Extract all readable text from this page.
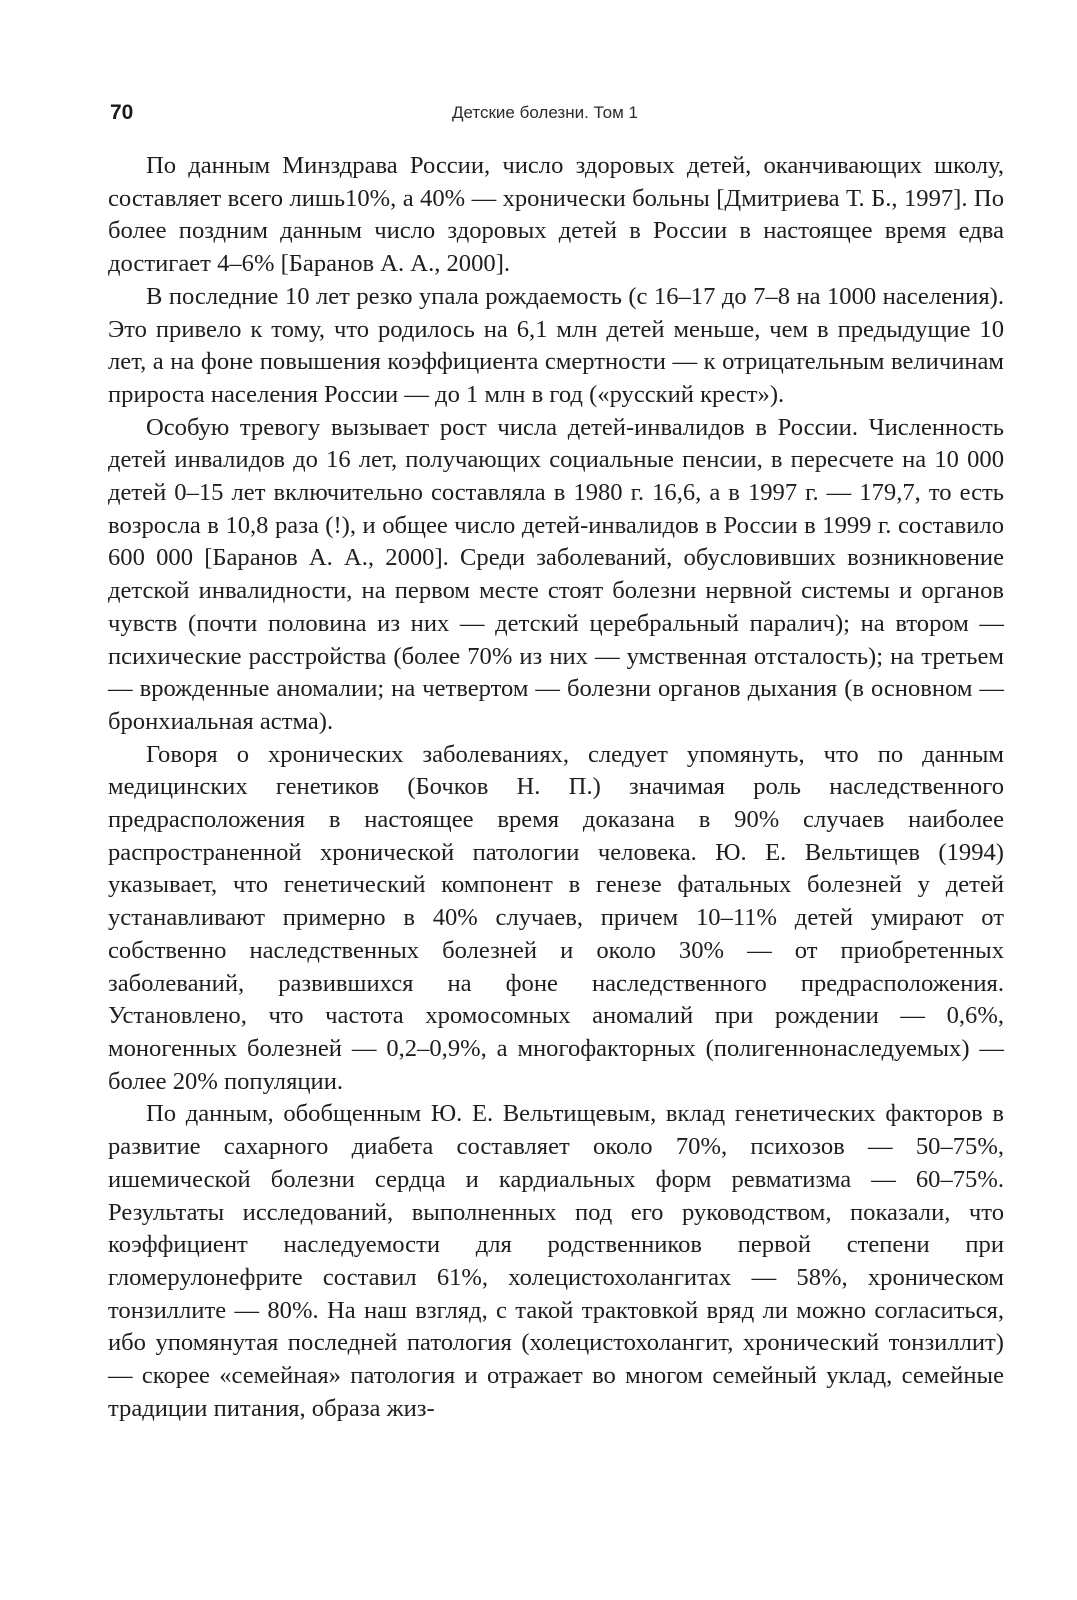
70	Детские болезни. Том 1

По данным Минздрава России, число здоровых детей, оканчивающих школу, составляет всего лишь10%, а 40% — хронически больны [Дмитриева Т. Б., 1997]. По более поздним данным число здоровых детей в России в настоящее время едва достигает 4–6% [Баранов А. А., 2000].

В последние 10 лет резко упала рождаемость (с 16–17 до 7–8 на 1000 населения). Это привело к тому, что родилось на 6,1 млн детей меньше, чем в предыдущие 10 лет, а на фоне повышения коэффициента смертности — к отрицательным величинам прироста населения России — до 1 млн в год («русский крест»).

Особую тревогу вызывает рост числа детей-инвалидов в России. Численность детей инвалидов до 16 лет, получающих социальные пенсии, в пересчете на 10 000 детей 0–15 лет включительно составляла в 1980 г. 16,6, а в 1997 г. — 179,7, то есть возросла в 10,8 раза (!), и общее число детей-инвалидов в России в 1999 г. составило 600 000 [Баранов А. А., 2000]. Среди заболеваний, обусловивших возникновение детской инвалидности, на первом месте стоят болезни нервной системы и органов чувств (почти половина из них — детский церебральный паралич); на втором — психические расстройства (более 70% из них — умственная отсталость); на третьем — врожденные аномалии; на четвертом — болезни органов дыхания (в основном — бронхиальная астма).

Говоря о хронических заболеваниях, следует упомянуть, что по данным медицинских генетиков (Бочков Н. П.) значимая роль наследственного предрасположения в настоящее время доказана в 90% случаев наиболее распространенной хронической патологии человека. Ю. Е. Вельтищев (1994) указывает, что генетический компонент в генезе фатальных болезней у детей устанавливают примерно в 40% случаев, причем 10–11% детей умирают от собственно наследственных болезней и около 30% — от приобретенных заболеваний, развившихся на фоне наследственного предрасположения. Установлено, что частота хромосомных аномалий при рождении — 0,6%, моногенных болезней — 0,2–0,9%, а многофакторных (полигеннонаследуемых) — более 20% популяции.

По данным, обобщенным Ю. Е. Вельтищевым, вклад генетических факторов в развитие сахарного диабета составляет около 70%, психозов — 50–75%, ишемической болезни сердца и кардиальных форм ревматизма — 60–75%. Результаты исследований, выполненных под его руководством, показали, что коэффициент наследуемости для родственников первой степени при гломерулонефрите составил 61%, холецистохолангитах — 58%, хроническом тонзиллите — 80%. На наш взгляд, с такой трактовкой вряд ли можно согласиться, ибо упомянутая последней патология (холецистохолангит, хронический тонзиллит) — скорее «семейная» патология и отражает во многом семейный уклад, семейные традиции питания, образа жиз-
